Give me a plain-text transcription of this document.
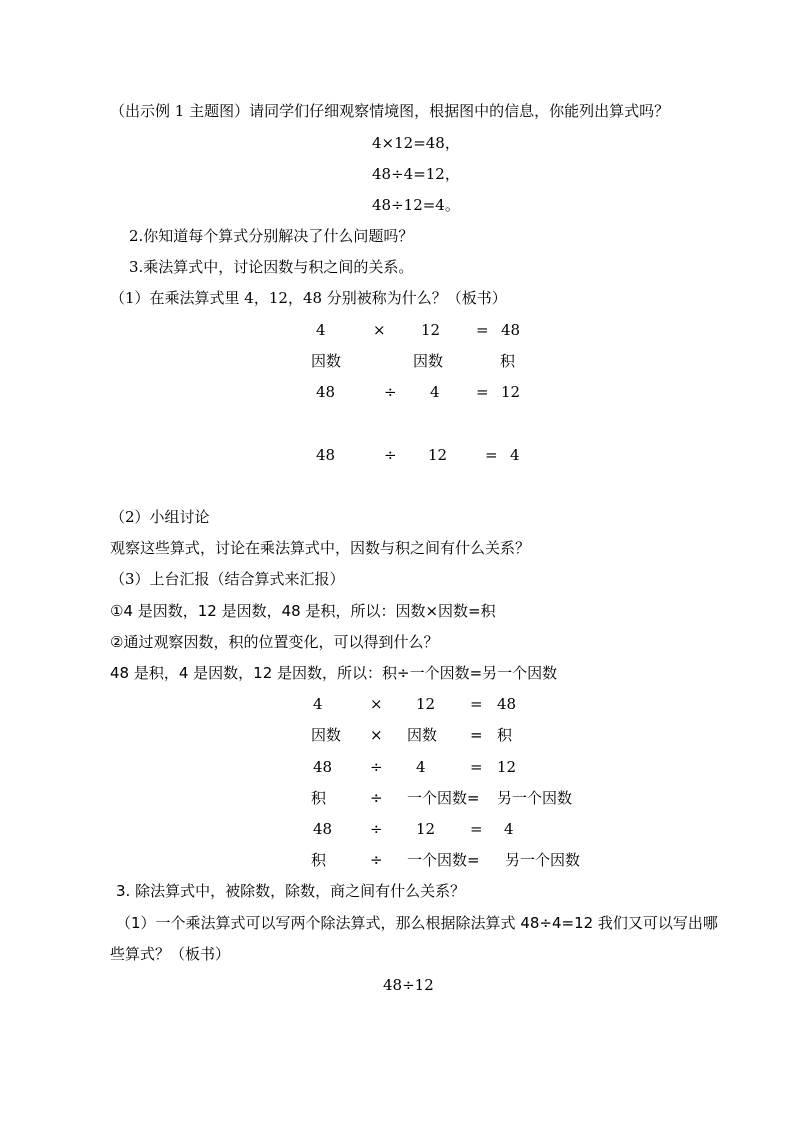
（出示例 1 主题图）请同学们仔细观察情境图，根据图中的信息，你能列出算式吗？
4×12=48，
48÷4=12，
48÷12=4。
2.你知道每个算式分别解决了什么问题吗？
3.乘法算式中，讨论因数与积之间的关系。
（1）在乘法算式里 4，12，48 分别被称为什么？（板书）
4	× 12 = 48
因数	因数	积
48	÷ 4 = 12
48	÷ 12	= 4
（2）小组讨论
观察这些算式，讨论在乘法算式中，因数与积之间有什么关系？
（3）上台汇报（结合算式来汇报）
①4 是因数，12 是因数，48 是积，所以：因数×因数=积
②通过观察因数，积的位置变化，可以得到什么？
48 是积，4 是因数，12 是因数，所以：积÷一个因数=另一个因数
4	× 12 = 48
因数 × 因数 = 积
48	÷ 4	= 12
积	÷ 一个因数= 另一个因数
48	÷ 12 = 4
积	÷ 一个因数= 另一个因数
3. 除法算式中，被除数，除数，商之间有什么关系？
（1）一个乘法算式可以写两个除法算式，那么根据除法算式 48÷4=12 我们又可以写出哪
些算式？（板书）
48÷12
